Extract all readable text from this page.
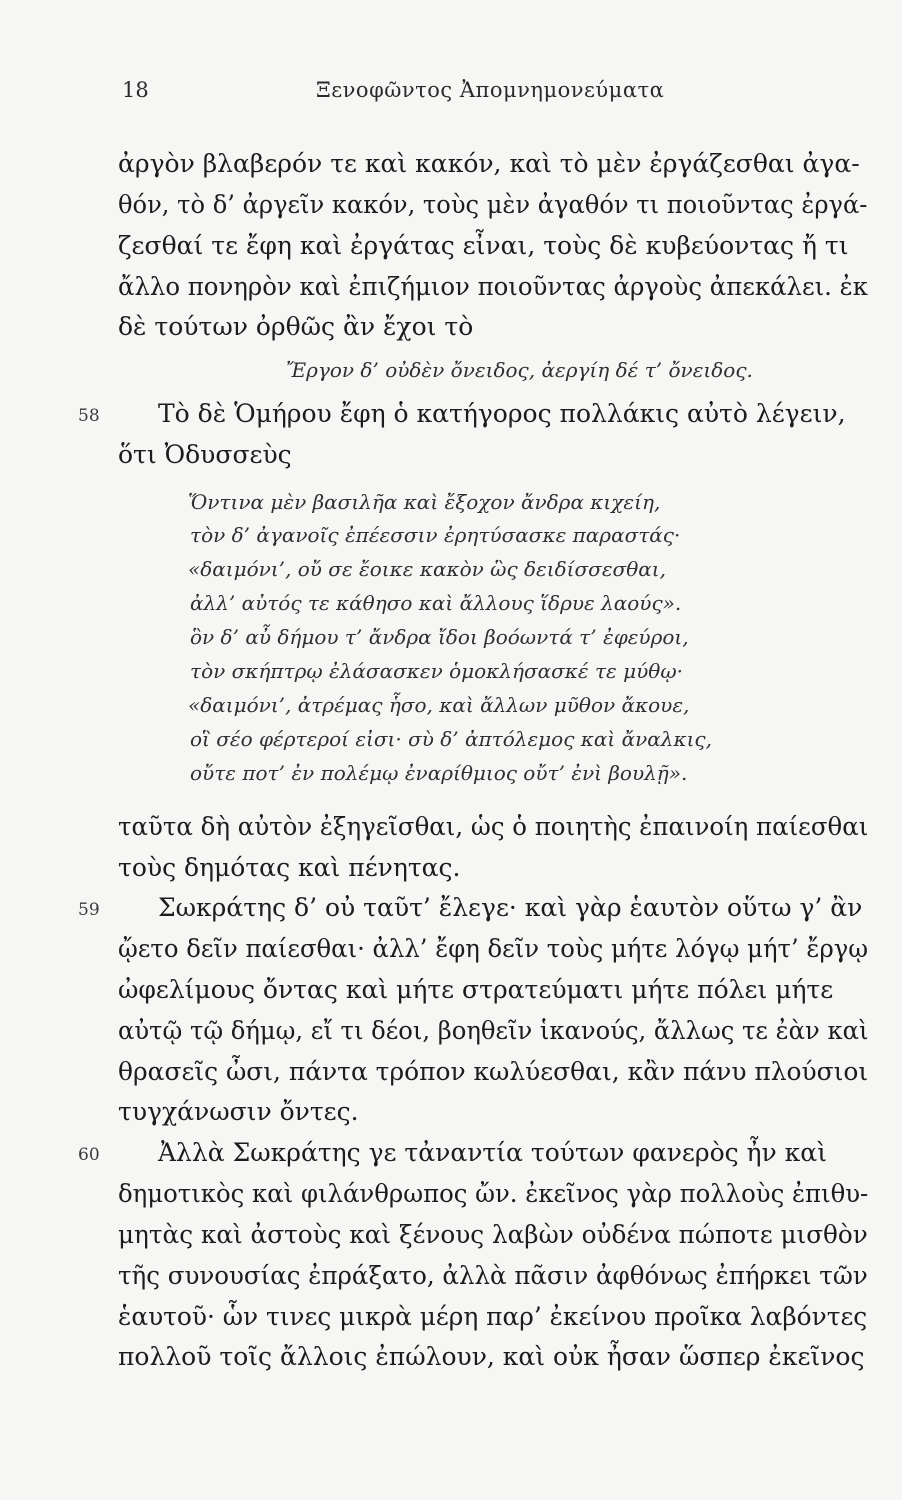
18	Ξενοφῶντος Ἀπομνημονεύματα
ἀργὸν βλαβερόν τε καὶ κακόν, καὶ τὸ μὲν ἐργάζεσθαι ἀγα-
θόν, τὸ δ’ ἀργεῖν κακόν, τοὺς μὲν ἀγαθόν τι ποιοῦντας ἐργά-
ζεσθαί τε ἔφη καὶ ἐργάτας εἶναι, τοὺς δὲ κυβεύοντας ἤ τι
ἄλλο πονηρὸν καὶ ἐπιζήμιον ποιοῦντας ἀργοὺς ἀπεκάλει. ἐκ
δὲ τούτων ὀρθῶς ἂν ἔχοι τὸ
Ἔργον δ’ οὐδὲν ὄνειδος, ἀεργίη δέ τ’ ὄνειδος.
58 Τὸ δὲ Ὁμήρου ἔφη ὁ κατήγορος πολλάκις αὐτὸ λέγειν,
ὅτι Ὀδυσσεὺς
Ὅντινα μὲν βασιλῆα καὶ ἔξοχον ἄνδρα κιχείη,
τὸν δ’ ἀγανοῖς ἐπέεσσιν ἐρητύσασκε παραστάς·
«δαιμόνι’, οὔ σε ἔοικε κακὸν ὣς δειδίσσεσθαι,
ἀλλ’ αὐτός τε κάθησο καὶ ἄλλους ἵδρυε λαούς».
ὃν δ’ αὖ δήμου τ’ ἄνδρα ἴδοι βοόωντά τ’ ἐφεύροι,
τὸν σκήπτρῳ ἐλάσασκεν ὁμοκλήσασκέ τε μύθῳ·
«δαιμόνι’, ἀτρέμας ἧσο, καὶ ἄλλων μῦθον ἄκουε,
οἳ σέο φέρτεροί εἰσι· σὺ δ’ ἀπτόλεμος καὶ ἄναλκις,
οὔτε ποτ’ ἐν πολέμῳ ἐναρίθμιος οὔτ’ ἐνὶ βουλῇ».
ταῦτα δὴ αὐτὸν ἐξηγεῖσθαι, ὡς ὁ ποιητὴς ἐπαινοίη παίεσθαι
τοὺς δημότας καὶ πένητας.
59 Σωκράτης δ’ οὐ ταῦτ’ ἔλεγε· καὶ γὰρ ἑαυτὸν οὕτω γ’ ἂν
ᾤετο δεῖν παίεσθαι· ἀλλ’ ἔφη δεῖν τοὺς μήτε λόγῳ μήτ’ ἔργῳ
ὠφελίμους ὄντας καὶ μήτε στρατεύματι μήτε πόλει μήτε
αὐτῷ τῷ δήμῳ, εἴ τι δέοι, βοηθεῖν ἱκανούς, ἄλλως τε ἐὰν καὶ
θρασεῖς ὦσι, πάντα τρόπον κωλύεσθαι, κἂν πάνυ πλούσιοι
τυγχάνωσιν ὄντες.
60 Ἀλλὰ Σωκράτης γε τἀναντία τούτων φανερὸς ἦν καὶ
δημοτικὸς καὶ φιλάνθρωπος ὤν. ἐκεῖνος γὰρ πολλοὺς ἐπιθυ-
μητὰς καὶ ἀστοὺς καὶ ξένους λαβὼν οὐδένα πώποτε μισθὸν
τῆς συνουσίας ἐπράξατο, ἀλλὰ πᾶσιν ἀφθόνως ἐπήρκει τῶν
ἑαυτοῦ· ὧν τινες μικρὰ μέρη παρ’ ἐκείνου προῖκα λαβόντες
πολλοῦ τοῖς ἄλλοις ἐπώλουν, καὶ οὐκ ἦσαν ὥσπερ ἐκεῖνος
